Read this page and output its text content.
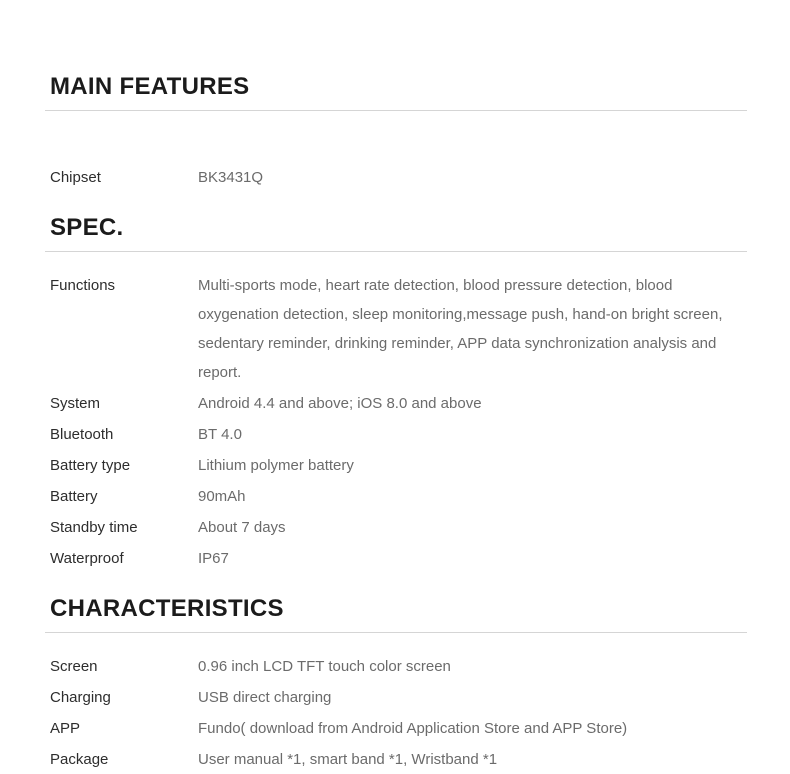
MAIN FEATURES
Chipset	BK3431Q
SPEC.
Functions	Multi-sports mode, heart rate detection, blood pressure detection, blood oxygenation detection, sleep monitoring,message push, hand-on bright screen, sedentary reminder, drinking reminder, APP data synchronization analysis and report.
System	Android 4.4 and above; iOS 8.0 and above
Bluetooth	BT 4.0
Battery type	Lithium polymer battery
Battery	90mAh
Standby time	About 7 days
Waterproof	IP67
CHARACTERISTICS
Screen	0.96 inch LCD TFT touch color screen
Charging	USB direct charging
APP	Fundo( download from Android Application Store and APP Store)
Package	User manual *1, smart band *1, Wristband *1
